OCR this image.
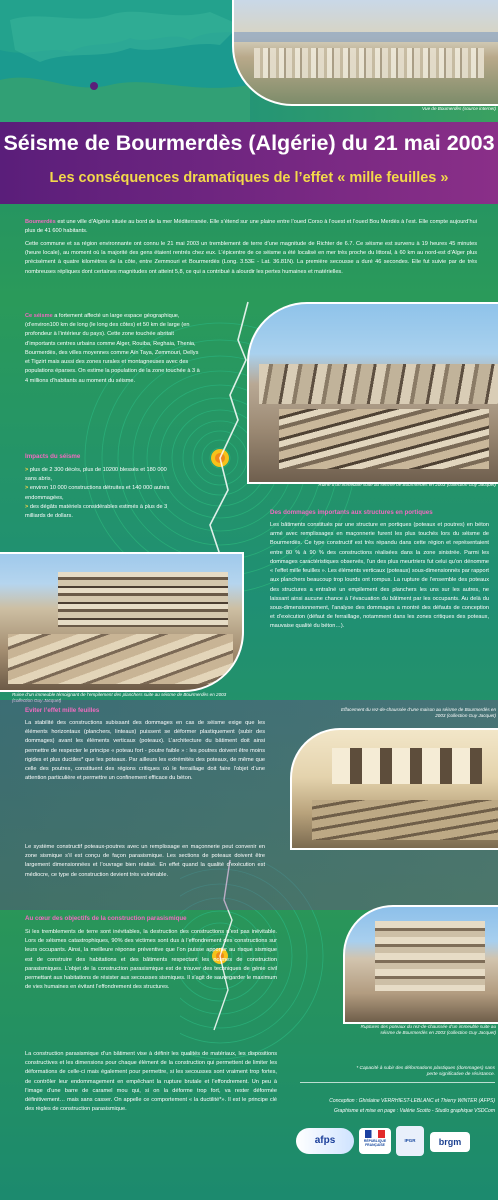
Vue de Boumerdès (source internet)
Séisme de Bourmerdès (Algérie) du 21 mai 2003
Les conséquences dramatiques de l’effet « mille feuilles »
Boumerdès est une ville d’Algérie située au bord de la mer Méditerranée. Elle s’étend sur une plaine entre l’oued Corso à l’ouest et l’oued Bou Merdès à l’est. Elle compte aujourd’hui plus de 41 600 habitants.
Cette commune et sa région environnante ont connu le 21 mai 2003 un tremblement de terre d’une magnitude de Richter de 6.7. Ce séisme est survenu à 19 heures 45 minutes (heure locale), au moment où la majorité des gens étaient rentrés chez eux. L’épicentre de ce séisme a été localisé en mer très proche du littoral, à 60 km au nord-est d’Alger plus précisément à quatre kilomètres de la côte, entre Zemmouri et Bourmerdès (Long. 3.53E - Lat. 36.81N). La première secousse a duré 46 secondes. Elle fut suivie par de très nombreuses répliques dont certaines magnitudes ont atteint 5,8, ce qui a contribué à alourdir les pertes humaines et matérielles.
Ce séisme a fortement affecté un large espace géographique, (d’environ100 km de long (le long des côtes) et 50 km de large (en profondeur à l’intérieur du pays). Cette zone touchée abritait d’importants centres urbains comme Alger, Rouiba, Reghaia, Thenia, Bourmerdès, des villes moyennes comme Aïn Taya, Zemmouri, Dellys et Tigzirt mais aussi des zones rurales et montagneuses avec des populations éparses. On estime la population de la zone touchée à 3 à 4 millions d’habitants au moment du séisme.
Impacts du séisme
> plus de 2 300 décès, plus de 10200 blessés et 180 000 sans abris,
> environ 10 000 constructions détruites et 140 000 autres endommagées,
> des dégâts matériels considérables estimés à plus de 3 milliards de dollars.
Ruine d’un immeuble suite au séisme de Bourmerdès en 2003 (collection Guy Jacquet)
Des dommages importants aux structures en portiques
Les bâtiments constitués par une structure en portiques (poteaux et poutres) en béton armé avec remplissages en maçonnerie furent les plus touchés lors du séisme de Bourmerdès. Ce type constructif est très répandu dans cette région et représentaient entre 80 % à 90 % des constructions réalisées dans la zone sinistrée. Parmi les dommages caractéristiques observés, l’un des plus meurtriers fut celui qu’on dénomme « l’effet mille feuilles ». Les éléments verticaux (poteaux) sous-dimensionnés par rapport aux planchers beaucoup trop lourds ont rompus. La rupture de l’ensemble des poteaux des structures a entraîné un empilement des planchers les uns sur les autres, ne laissant ainsi aucune chance à l’évacuation du bâtiment par les occupants. Au delà du sous-dimensionnement, l’analyse des dommages a montré des défauts de conception et d’exécution (défaut de ferraillage, notamment dans les zones critiques des poteaux, mauvaise qualité du béton…).
Ruine d’un immeuble témoignant de l’empilement des planchers suite au séisme de Bourmerdès en 2003 (collection Guy Jacquet)
Effacement du rez-de-chaussée d’une maison au séisme de Bourmerdès en 2003 (collection Guy Jacquet)
Eviter l’effet mille feuilles
La stabilité des constructions subissant des dommages en cas de séisme exige que les éléments horizontaux (planchers, linteaux) puissent se déformer plastiquement (subir des dommages) avant les éléments verticaux (poteaux). L’architecture du bâtiment doit ainsi permettre de respecter le principe « poteau fort - poutre faible » : les poutres doivent être moins rigides et plus ductiles* que les poteaux. Par ailleurs les extrémités des poteaux, de même que celle des poutres, constituent des régions critiques où le ferraillage doit faire l’objet d’une attention particulière et permettre un confinement efficace du béton.
Le système constructif poteaux-poutres avec un remplissage en maçonnerie peut convenir en zone sismique s’il est conçu de façon parasismique. Les sections de poteaux doivent être largement dimensionnées et l’ouvrage bien réalisé. En effet quand la qualité d’exécution est médiocre, ce type de construction devient très vulnérable.
Au cœur des objectifs de la construction parasismique
Si les tremblements de terre sont inévitables, la destruction des constructions n’est pas inévitable. Lors de séismes catastrophiques, 90% des victimes sont dus à l’effondrement des constructions sur leurs occupants. Ainsi, la meilleure réponse préventive que l’on puisse apporter au risque sismique est de construire des habitations et des bâtiments respectant les normes de construction parasismiques. L’objet de la construction parasismique est de trouver des techniques de génie civil permettant aux habitations de résister aux secousses sismiques. Il s’agit de sauvegarder le maximum de vies humaines en évitant l’effondrement des structures.
La construction parasismique d’un bâtiment vise à définir les qualités de matériaux, les dispositions constructives et les dimensions pour chaque élément de la construction qui permettent de limiter les déformations de celle-ci mais également pour permettre, si les secousses sont vraiment trop fortes, de contrôler leur endommagement en empêchant la rupture brutale et l’effondrement. Un peu à l’image d’une barre de caramel mou qui, si on la déforme trop fort, va rester déformée définitivement… mais sans casser. On appelle ce comportement « la ductilité*». Il est le principe clé des règles de construction parasismique.
Ruptures des poteaux du rez-de-chaussée d’un immeuble suite au séisme de Bourmerdès en 2003 (collection Guy Jacquet)
* Capacité à subir des déformations plastiques (dommages) sans perte significative de résistance.
Conception : Ghislaine VERRHIEST-LEBLANC et Thierry WINTER (AFPS)
Graphisme et mise en page : Valérie Scotto - Studio graphique VSDCom
afps	RÉPUBLIQUE FRANÇAISE
IPGR	brgm
